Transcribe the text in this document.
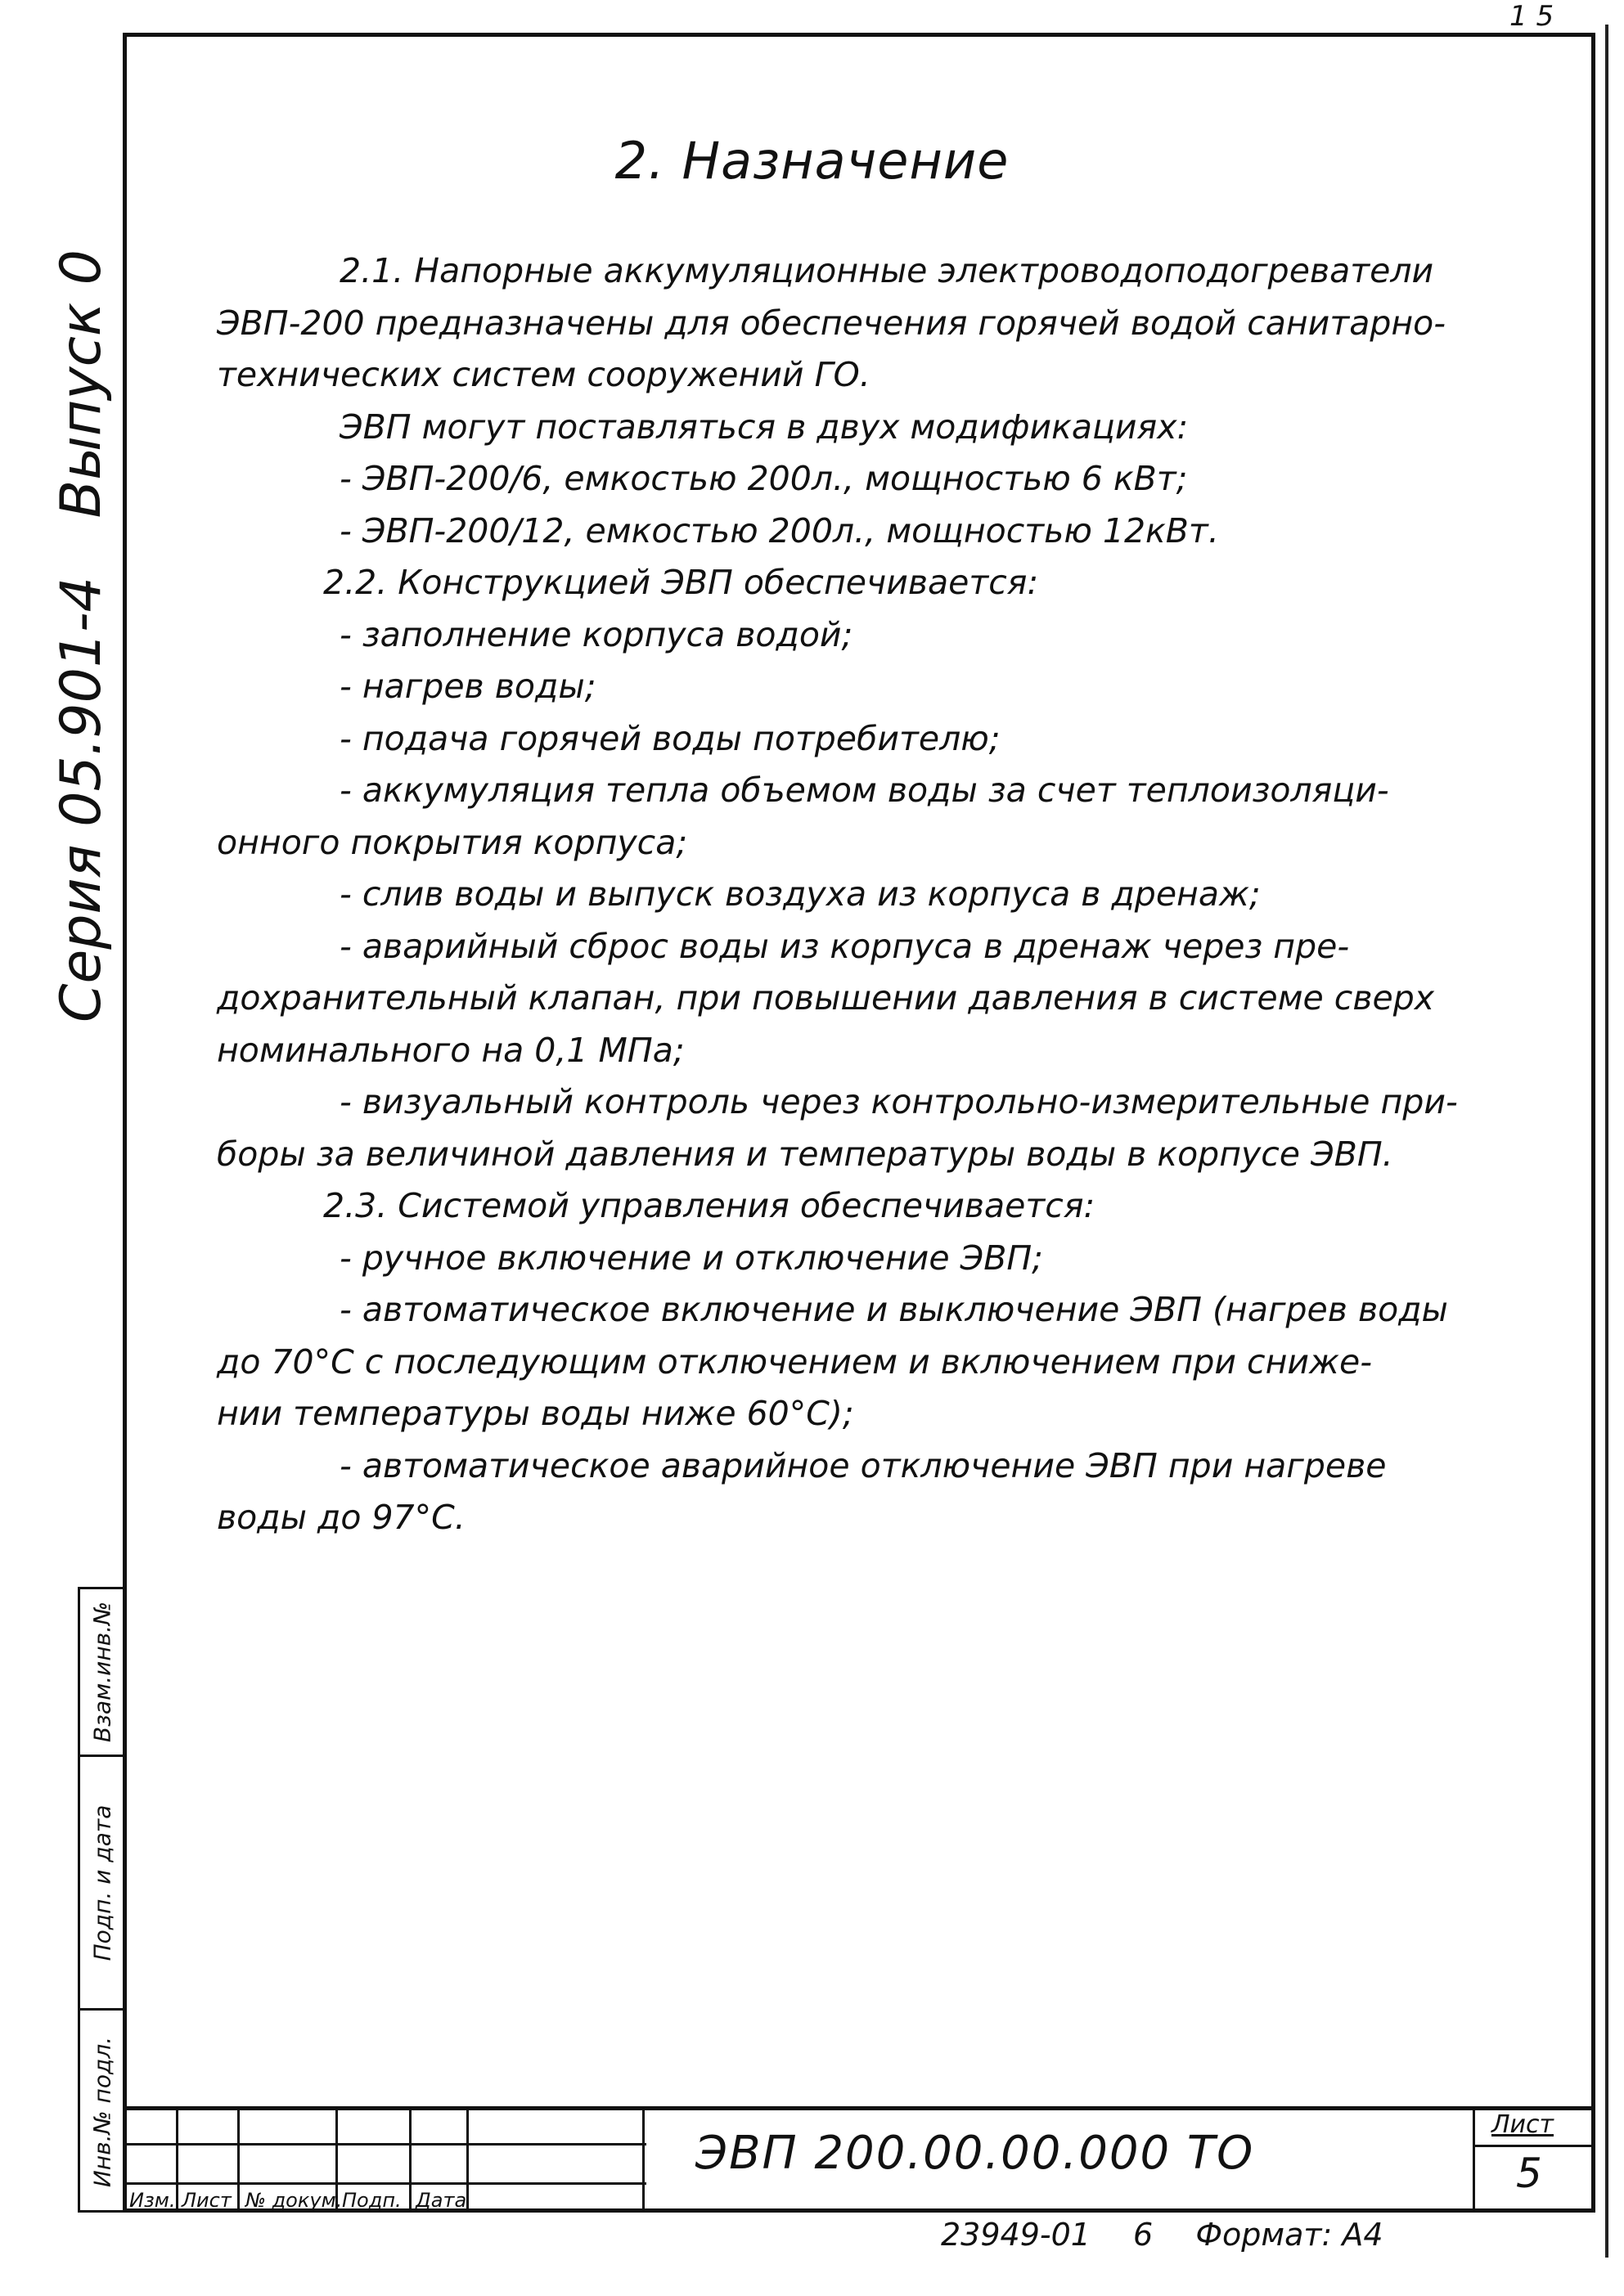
1 5
Серия 05.901-4 Выпуск 0
2. Назначение
2.1. Напорные аккумуляционные электроводоподогреватели
ЭВП-200 предназначены для обеспечения горячей водой санитарно-
технических систем сооружений ГО.
ЭВП могут поставляться в двух модификациях:
- ЭВП-200/6, емкостью 200л., мощностью 6 кВт;
- ЭВП-200/12, емкостью 200л., мощностью 12кВт.
2.2. Конструкцией ЭВП обеспечивается:
- заполнение корпуса водой;
- нагрев воды;
- подача горячей воды потребителю;
- аккумуляция тепла объемом воды за счет теплоизоляци-
онного покрытия корпуса;
- слив воды и выпуск воздуха из корпуса в дренаж;
- аварийный сброс воды из корпуса в дренаж через пре-
дохранительный клапан, при повышении давления в системе сверх
номинального на 0,1 МПа;
- визуальный контроль через контрольно-измерительные при-
боры за величиной давления и температуры воды в корпусе ЭВП.
2.3. Системой управления обеспечивается:
- ручное включение и отключение ЭВП;
- автоматическое включение и выключение ЭВП (нагрев воды
до 70°С с последующим отключением и включением при сниже-
нии температуры воды ниже 60°С);
- автоматическое аварийное отключение ЭВП при нагреве
воды до 97°С.
Взам.инв.№
Подп. и дата
Инв.№ подл.
Изм. Лист № докум. Подп. Дата
ЭВП 200.00.00.000 ТО
Лист
5
23949-01 6 Формат: А4
